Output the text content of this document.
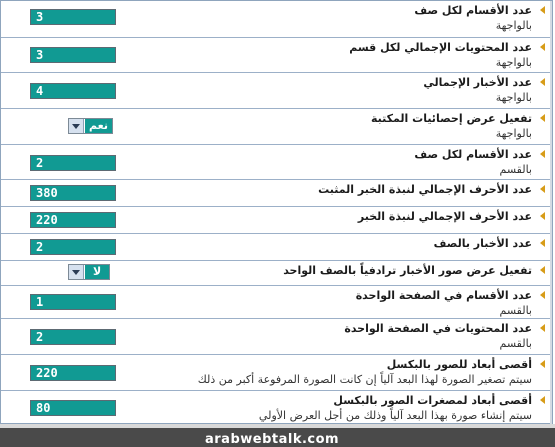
عدد الأقسام لكل صف
بالواجهة
3
عدد المحتويات الإجمالي لكل قسم
بالواجهة
3
عدد الأخبار الإجمالي
بالواجهة
4
تفعيل عرض إحصائيات المكتبة
بالواجهة
نعم
عدد الأقسام لكل صف
بالقسم
2
عدد الأحرف الإجمالي لنبذة الخبر المثبت
380
عدد الأحرف الإجمالي لنبذة الخبر
220
عدد الأخبار بالصف
2
تفعيل عرض صور الأخبار ترادفياً بالصف الواحد
لا
عدد الأقسام في الصفحة الواحدة
بالقسم
1
عدد المحتويات في الصفحة الواحدة
بالقسم
2
أقصى أبعاد للصور بالبكسل
سيتم تصغير الصورة لهذا البعد آلياً إن كانت الصورة المرفوعة أكبر من ذلك
220
أقصى أبعاد لمصغرات الصور بالبكسل
سيتم إنشاء صورة بهذا البعد آلياً وذلك من أجل العرض الأولي
80
arabwebtalk.com
